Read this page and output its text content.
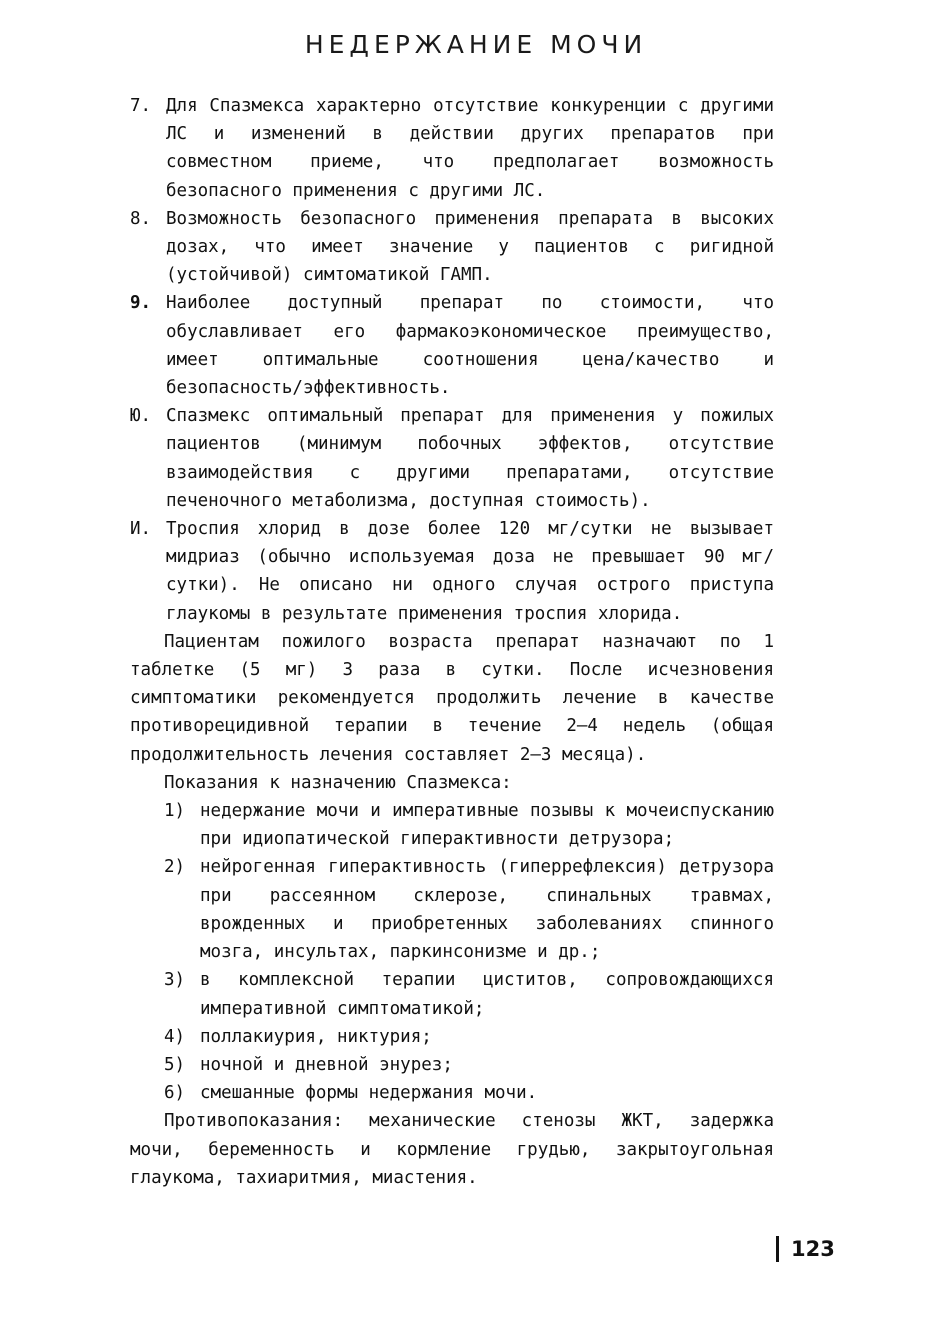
НЕДЕРЖАНИЕ МОЧИ
7. Для Спазмекса характерно отсутствие конкуренции с другими ЛС и изменений в действии других препаратов при совместном приеме, что предполагает возможность безопасного применения с другими ЛС.
8. Возможность безопасного применения препарата в высоких дозах, что имеет значение у пациентов с ригидной (устойчивой) симтоматикой ГАМП.
9. Наиболее доступный препарат по стоимости, что обуславливает его фармакоэкономическое преимущество, имеет оптимальные соотношения цена/качество и безопасность/эффективность.
Ю. Спазмекс оптимальный препарат для применения у пожилых пациентов (минимум побочных эффектов, отсутствие взаимодействия с другими препаратами, отсутствие печеночного метаболизма, доступная стоимость).
И. Троспия хлорид в дозе более 120 мг/сутки не вызывает мидриаз (обычно используемая доза не превышает 90 мг/сутки). Не описано ни одного случая острого приступа глаукомы в результате применения троспия хлорида.

Пациентам пожилого возраста препарат назначают по 1 таблетке (5 мг) 3 раза в сутки. После исчезновения симптоматики рекомендуется продолжить лечение в качестве противорецидивной терапии в течение 2–4 недель (общая продолжительность лечения составляет 2–3 месяца).

Показания к назначению Спазмекса:

1) недержание мочи и императивные позывы к мочеиспусканию при идиопатической гиперактивности детрузора;
2) нейрогенная гиперактивность (гиперрефлексия) детрузора при рассеянном склерозе, спинальных травмах, врожденных и приобретенных заболеваниях спинного мозга, инсультах, паркинсонизме и др.;
3) в комплексной терапии циститов, сопровождающихся императивной симптоматикой;
4) поллакиурия, никтурия;
5) ночной и дневной энурез;
6) смешанные формы недержания мочи.

Противопоказания: механические стенозы ЖКТ, задержка мочи, беременность и кормление грудью, закрытоугольная глаукома, тахиаритмия, миастения.

123
